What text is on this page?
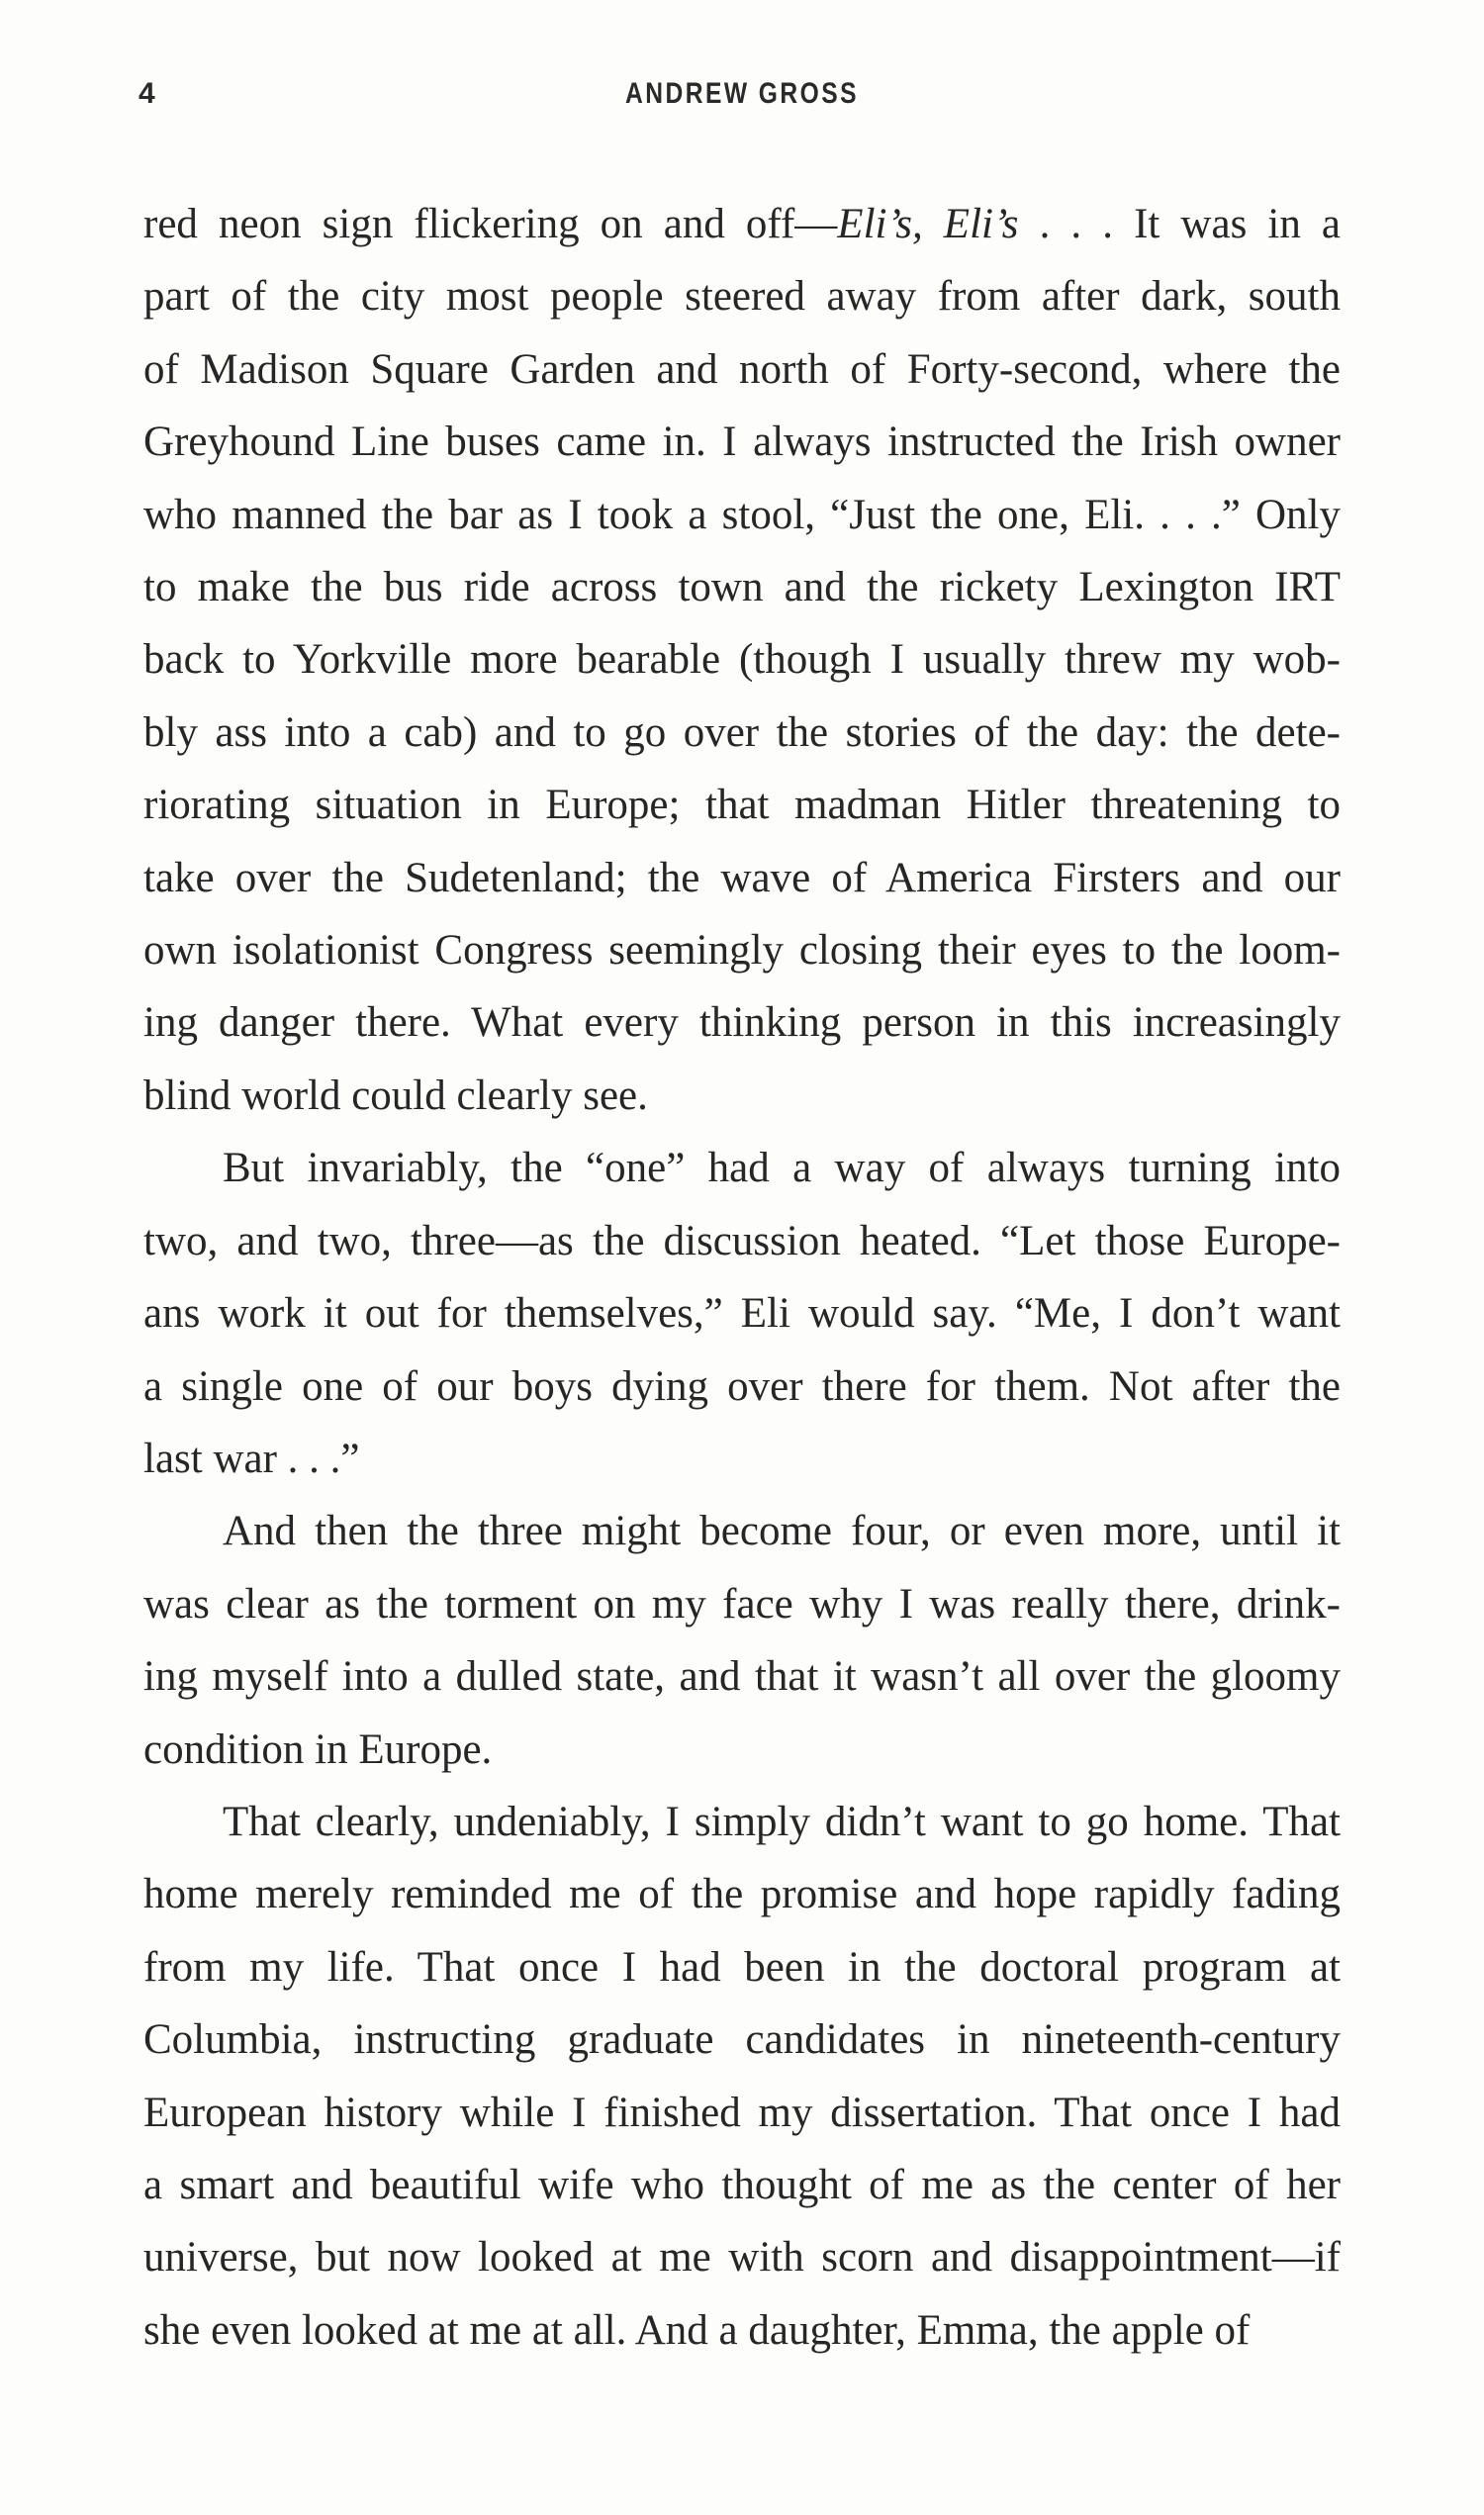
4	ANDREW GROSS

red neon sign flickering on and off—Eli’s, Eli’s . . . It was in a
part of the city most people steered away from after dark, south
of Madison Square Garden and north of Forty-second, where the
Greyhound Line buses came in. I always instructed the Irish owner
who manned the bar as I took a stool, “Just the one, Eli. . . .” Only
to make the bus ride across town and the rickety Lexington IRT
back to Yorkville more bearable (though I usually threw my wob-
bly ass into a cab) and to go over the stories of the day: the dete-
riorating situation in Europe; that madman Hitler threatening to
take over the Sudetenland; the wave of America Firsters and our
own isolationist Congress seemingly closing their eyes to the loom-
ing danger there. What every thinking person in this increasingly
blind world could clearly see.

But invariably, the “one” had a way of always turning into
two, and two, three—as the discussion heated. “Let those Europe-
ans work it out for themselves,” Eli would say. “Me, I don’t want
a single one of our boys dying over there for them. Not after the
last war . . .”

And then the three might become four, or even more, until it
was clear as the torment on my face why I was really there, drink-
ing myself into a dulled state, and that it wasn’t all over the gloomy
condition in Europe.

That clearly, undeniably, I simply didn’t want to go home. That
home merely reminded me of the promise and hope rapidly fading
from my life. That once I had been in the doctoral program at
Columbia, instructing graduate candidates in nineteenth-century
European history while I finished my dissertation. That once I had
a smart and beautiful wife who thought of me as the center of her
universe, but now looked at me with scorn and disappointment—if
she even looked at me at all. And a daughter, Emma, the apple of
